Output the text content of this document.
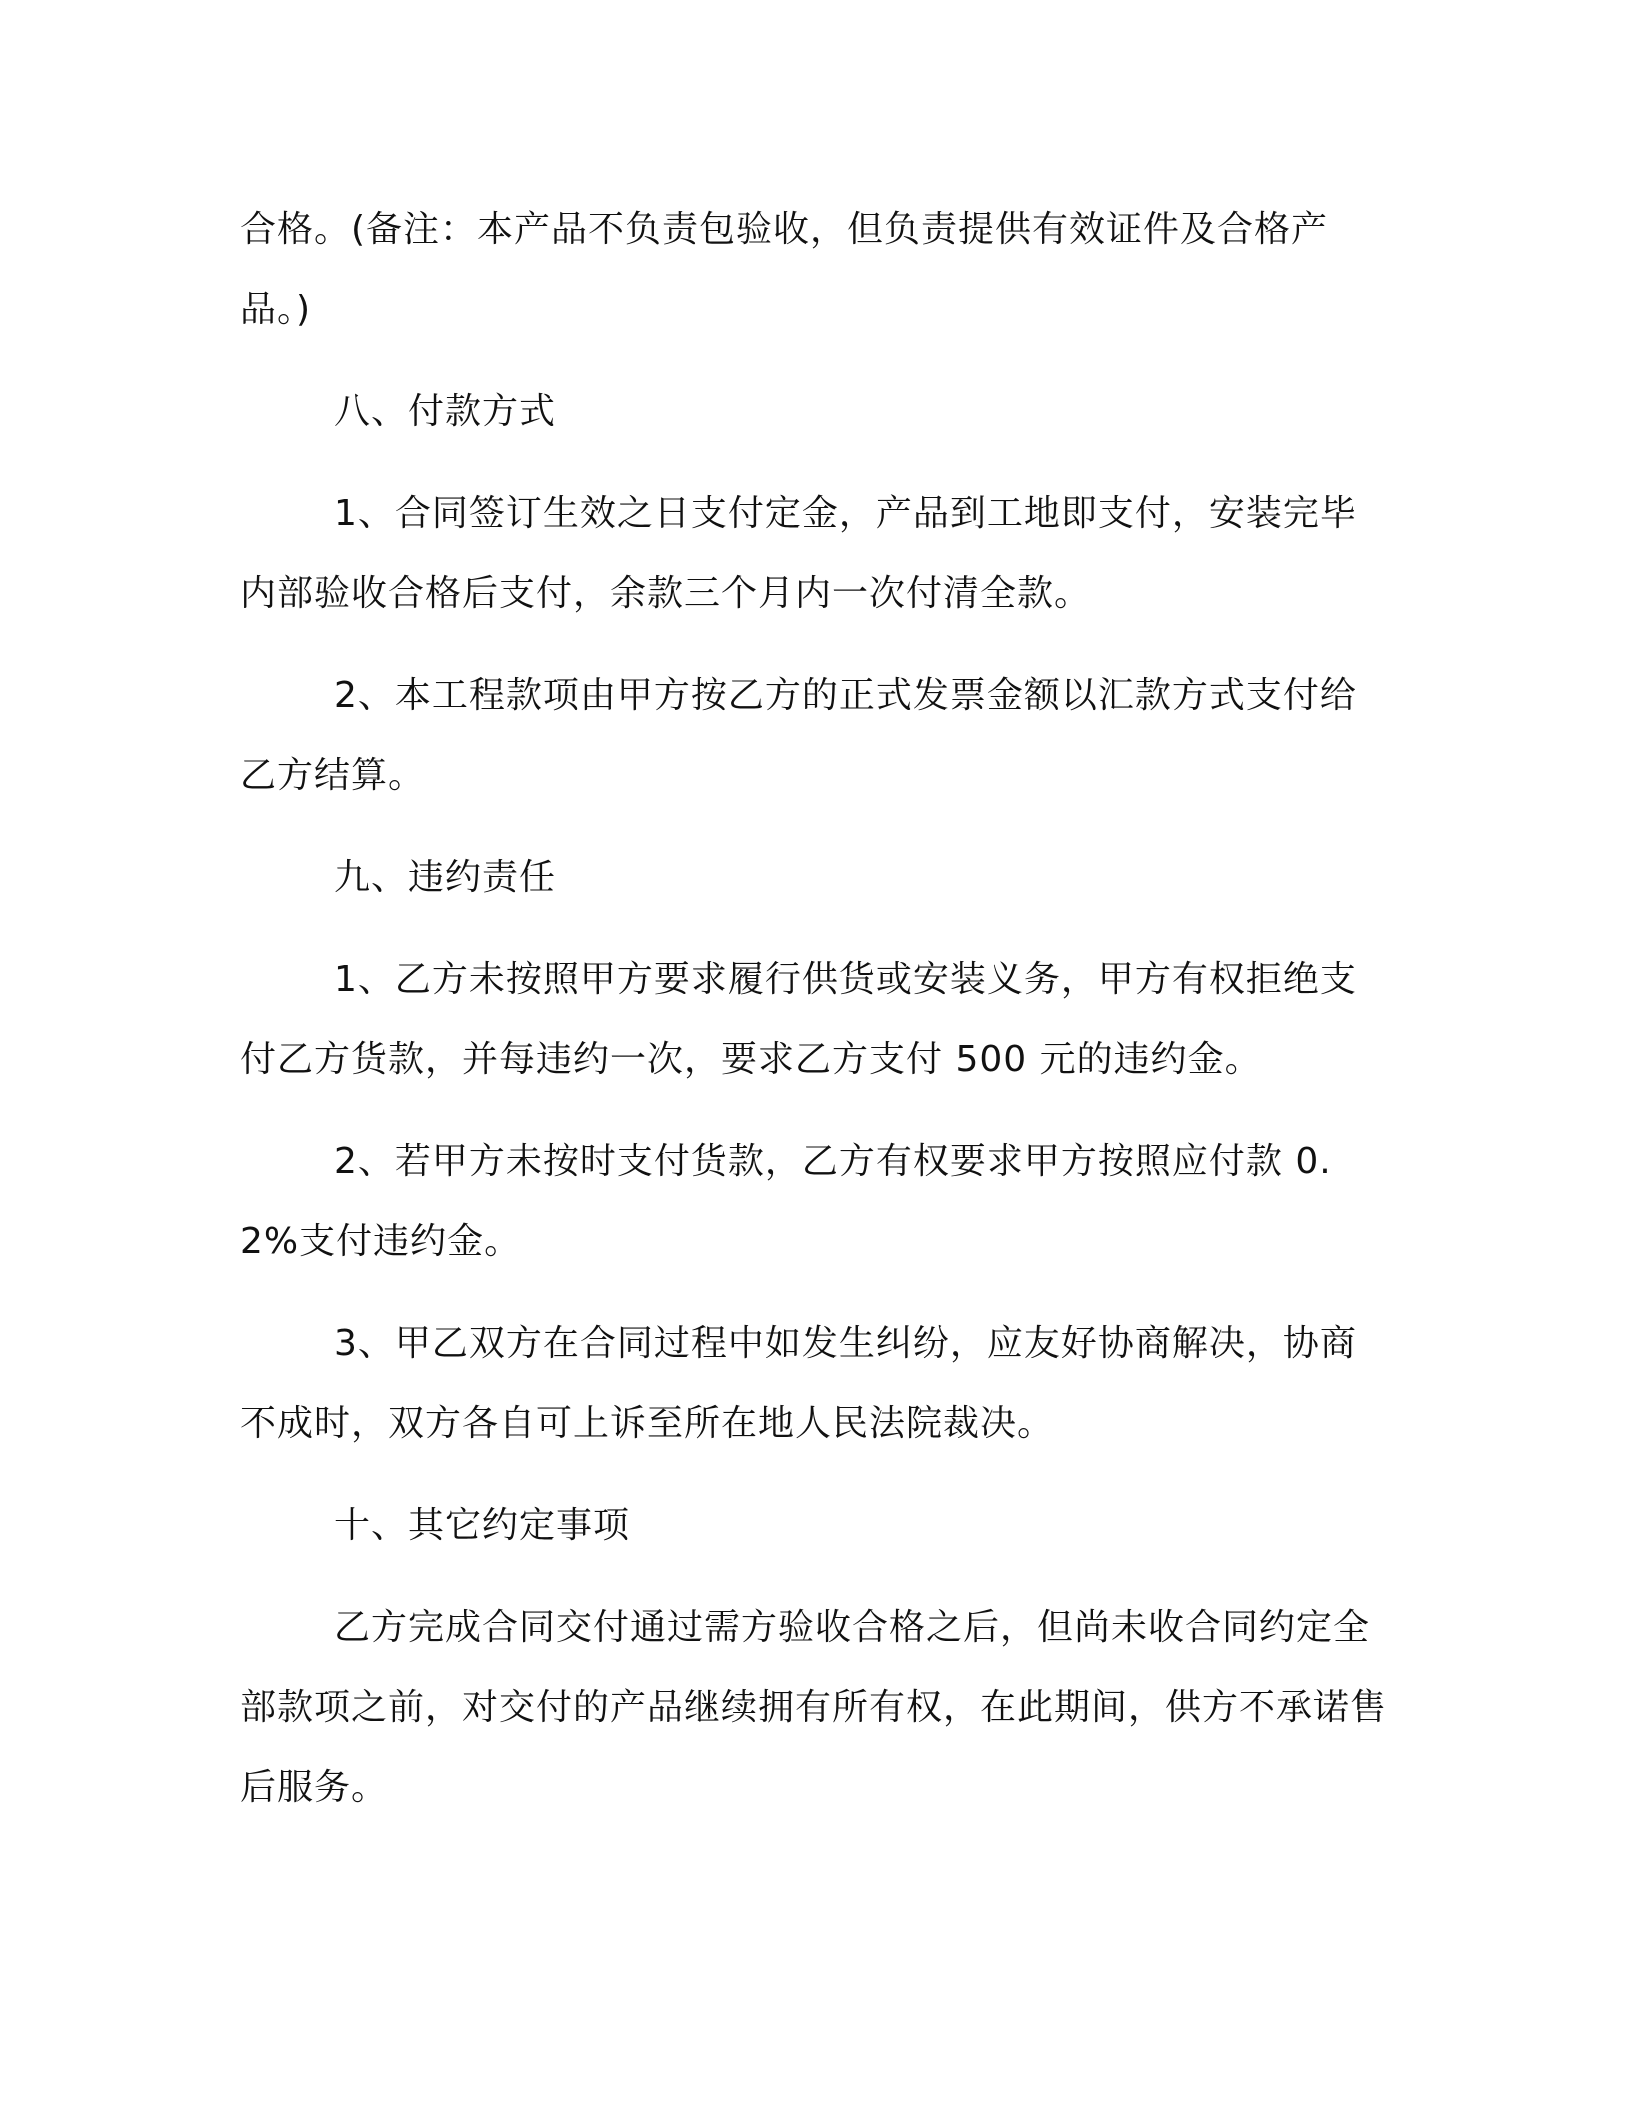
合格。(备注：本产品不负责包验收，但负责提供有效证件及合格产品。)

八、付款方式

1、合同签订生效之日支付定金，产品到工地即支付，安装完毕内部验收合格后支付，余款三个月内一次付清全款。

2、本工程款项由甲方按乙方的正式发票金额以汇款方式支付给乙方结算。

九、违约责任

1、乙方未按照甲方要求履行供货或安装义务，甲方有权拒绝支付乙方货款，并每违约一次，要求乙方支付 500 元的违约金。

2、若甲方未按时支付货款，乙方有权要求甲方按照应付款 0.2%支付违约金。

3、甲乙双方在合同过程中如发生纠纷，应友好协商解决，协商不成时，双方各自可上诉至所在地人民法院裁决。

十、其它约定事项

乙方完成合同交付通过需方验收合格之后，但尚未收合同约定全部款项之前，对交付的产品继续拥有所有权，在此期间，供方不承诺售后服务。
